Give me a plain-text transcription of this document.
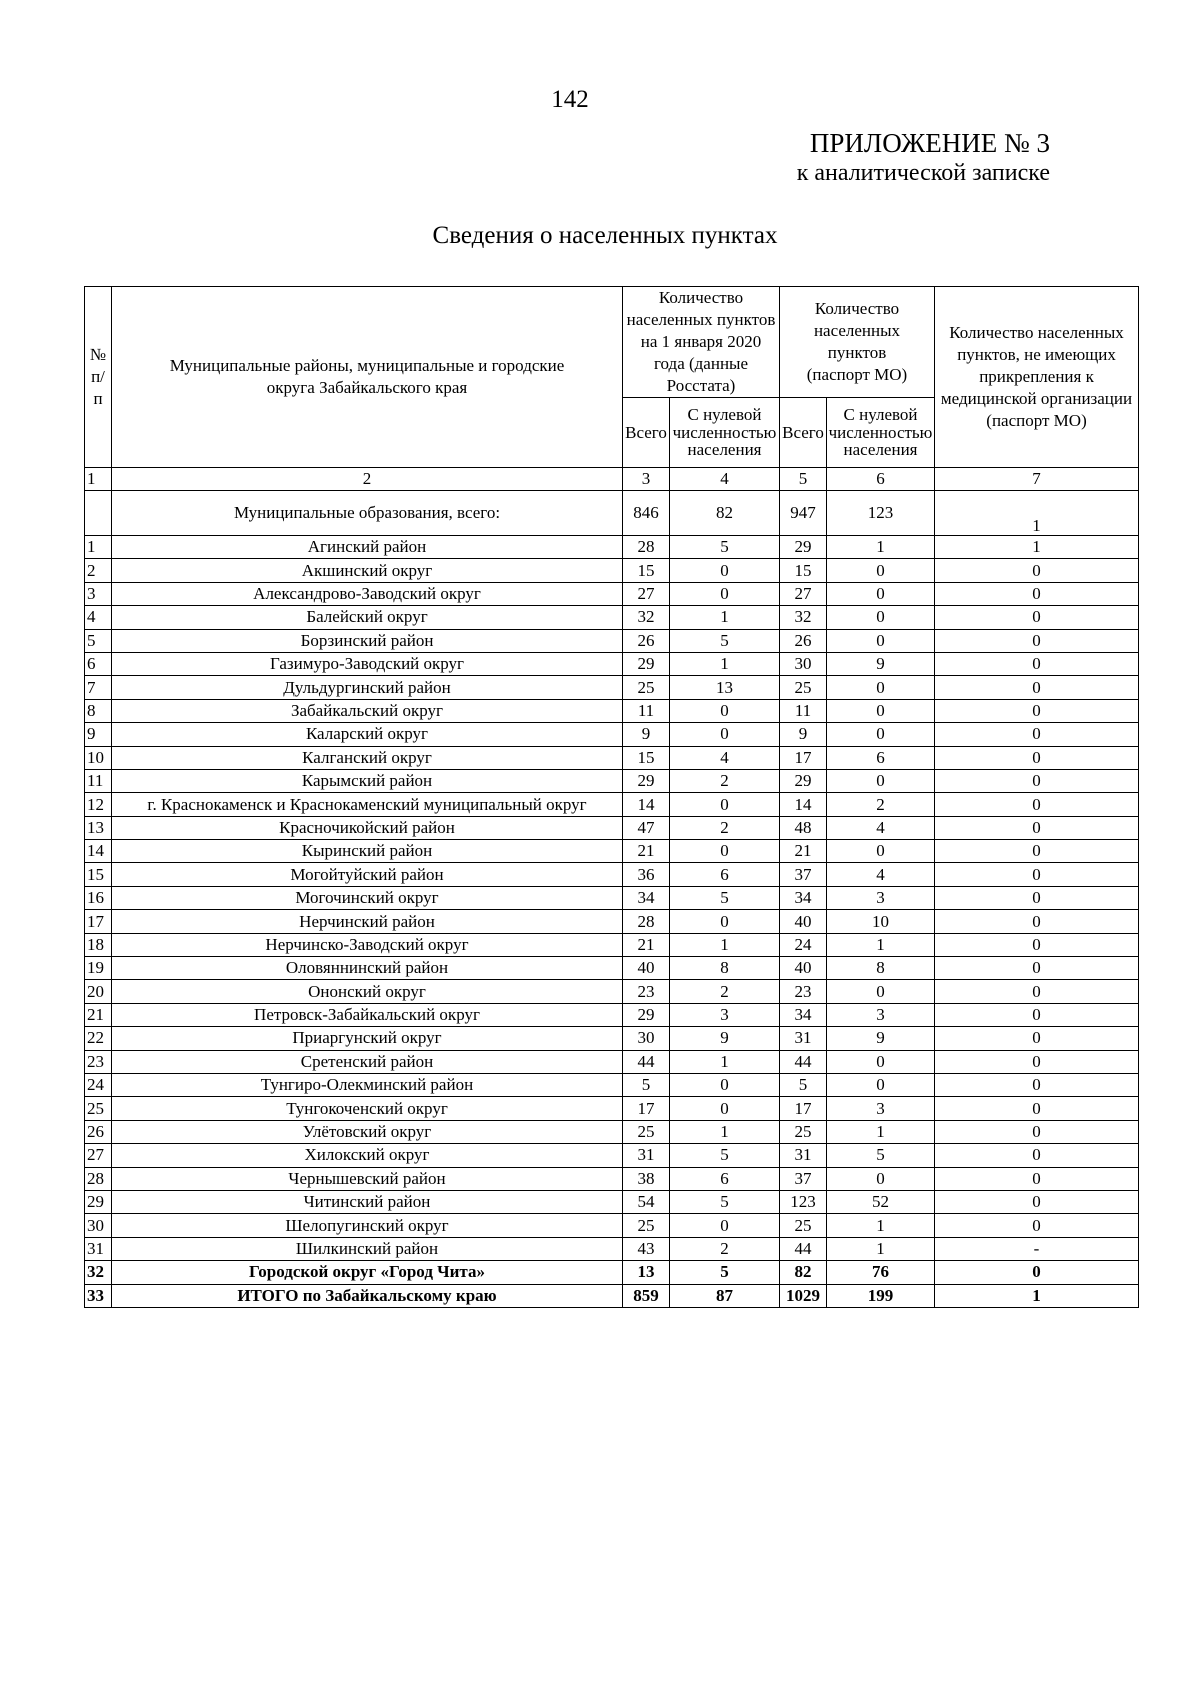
142
ПРИЛОЖЕНИЕ № 3
к аналитической записке
Сведения о населенных пунктах
№ п/п	Муниципальные районы, муниципальные и городские округа Забайкальского края	Количество населенных пунктов на 1 января 2020 года (данные Росстата)		Количество населенных пунктов (паспорт МО)		Количество населенных пунктов, не имеющих прикрепления к медицинской организации (паспорт МО)
		Всего	С нулевой численностью населения	Всего	С нулевой численностью населения	
1	2	3	4	5	6	7
	Муниципальные образования, всего:	846	82	947	123	1
1	Агинский район	28	5	29	1	1
2	Акшинский округ	15	0	15	0	0
3	Александрово-Заводский округ	27	0	27	0	0
4	Балейский округ	32	1	32	0	0
5	Борзинский район	26	5	26	0	0
6	Газимуро-Заводский округ	29	1	30	9	0
7	Дульдургинский район	25	13	25	0	0
8	Забайкальский округ	11	0	11	0	0
9	Каларский округ	9	0	9	0	0
10	Калганский округ	15	4	17	6	0
11	Карымский район	29	2	29	0	0
12	г. Краснокаменск и Краснокаменский муниципальный округ	14	0	14	2	0
13	Красночикойский район	47	2	48	4	0
14	Кыринский район	21	0	21	0	0
15	Могойтуйский район	36	6	37	4	0
16	Могочинский округ	34	5	34	3	0
17	Нерчинский район	28	0	40	10	0
18	Нерчинско-Заводский округ	21	1	24	1	0
19	Оловяннинский район	40	8	40	8	0
20	Ононский округ	23	2	23	0	0
21	Петровск-Забайкальский округ	29	3	34	3	0
22	Приаргунский округ	30	9	31	9	0
23	Сретенский район	44	1	44	0	0
24	Тунгиро-Олекминский район	5	0	5	0	0
25	Тунгокоченский округ	17	0	17	3	0
26	Улётовский округ	25	1	25	1	0
27	Хилокский округ	31	5	31	5	0
28	Чернышевский район	38	6	37	0	0
29	Читинский район	54	5	123	52	0
30	Шелопугинский округ	25	0	25	1	0
31	Шилкинский район	43	2	44	1	-
32	Городской округ «Город Чита»	13	5	82	76	0
33	ИТОГО по Забайкальскому краю	859	87	1029	199	1
